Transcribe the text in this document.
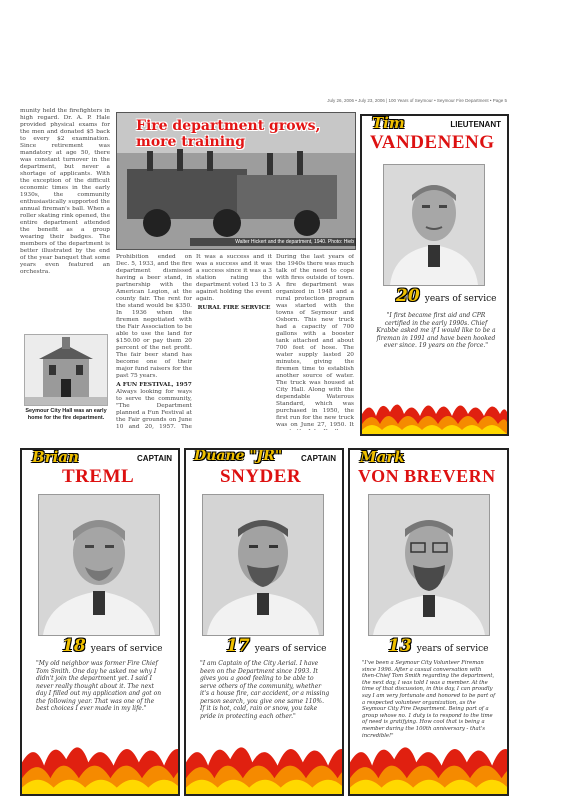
July 26, 2006 • July 23, 2006 | 100 Years of Seymour • Seymour Fire Department • Page 5
munity held the firefighters in high regard. Dr. A. P. Hale provided physical exams for the men and donated $5 back to every $2 examination. Since retirement was mandatory at age 50, there was constant turnover in the department, but never a shortage of applicants. With the exception of the difficult economic times in the early 1930s, the community enthusiastically supported the annual fireman's ball. When a roller skating rink opened, the entire department attended the benefit as a group wearing their badges. The members of the department is better illustrated by the end of the year banquet that some years even featured an orchestra.
Seymour City Hall was an early home for the fire department.
Fire department grows, more training
Walter Hickert and the department, 1940. Photo: Hieb
Prohibition ended on Dec. 5, 1933, and the fire department dismissed having a beer stand, in partnership with the American Legion, at the county fair. The rent for the stand would be $350. In 1936 when the firemen negotiated with the Fair Association to be able to use the land for $150.00 or pay them 20 percent of the net profit. The fair beer stand has become one of their major fund raisers for the past 75 years.
A FUN FESTIVAL, 1957
Always looking for ways to serve the community, "The Department planned a Fun Festival at the Fair grounds on June 10 and 20, 1957. The
It was a success and it was a success and it was a success since it was a 3 station rating the department voted 13 to 3 against holding the event again.
RURAL FIRE SERVICE
During the last years of the 1940s there was much talk of the need to cope with fires outside of town. A fire department was organized in 1948 and a rural protection program was started with the towns of Seymour and Osborn. This new truck had a capacity of 700 gallons with a booster tank attached and about 700 feet of hose. The water supply lasted 20 minutes, giving the firemen time to establish another source of water. The truck was housed at City Hall. Along with the dependable Waterous Standard, which was purchased in 1950, the first run for the new truck was on June 27, 1950. It
Tim	LIEUTENANT
VANDENENG
20 years of service
"I first became first aid and CPR certified in the early 1990s. Chief Krabbe asked me if I would like to be a fireman in 1991 and have been hooked ever since. 19 years on the force."
Brian	CAPTAIN
TREML
18 years of service
"My old neighbor was former Fire Chief Tom Smith. One day he asked me why I didn't join the department yet. I said I never really thought about it. The next day I filled out my application and got on the following year. That was one of the best choices I ever made in my life."
Duane "JR" CAPTAIN
SNYDER
17 years of service
"I am Captain of the City Aerial. I have been on the Department since 1993. It gives you a good feeling to be able to serve others of the community, whether it's a house fire, car accident, or a missing person search, you give one same 110%. If it is hot, cold, rain or snow, you take pride in protecting each other."
Mark
VON BREVERN
13 years of service
"I've been a Seymour City Volunteer Fireman since 1996. After a casual conversation with then-Chief Tom Smith regarding the department, the next day, I was told I was a member. At the time of that discussion, in this day, I can proudly say I am very fortunate and honored to be part of a respected volunteer organization, as the Seymour City Fire Department. Being part of a group whose no. 1 duty is to respond to the time of need is gratifying. How cool that is being a member during the 100th anniversary - that's incredible!"
